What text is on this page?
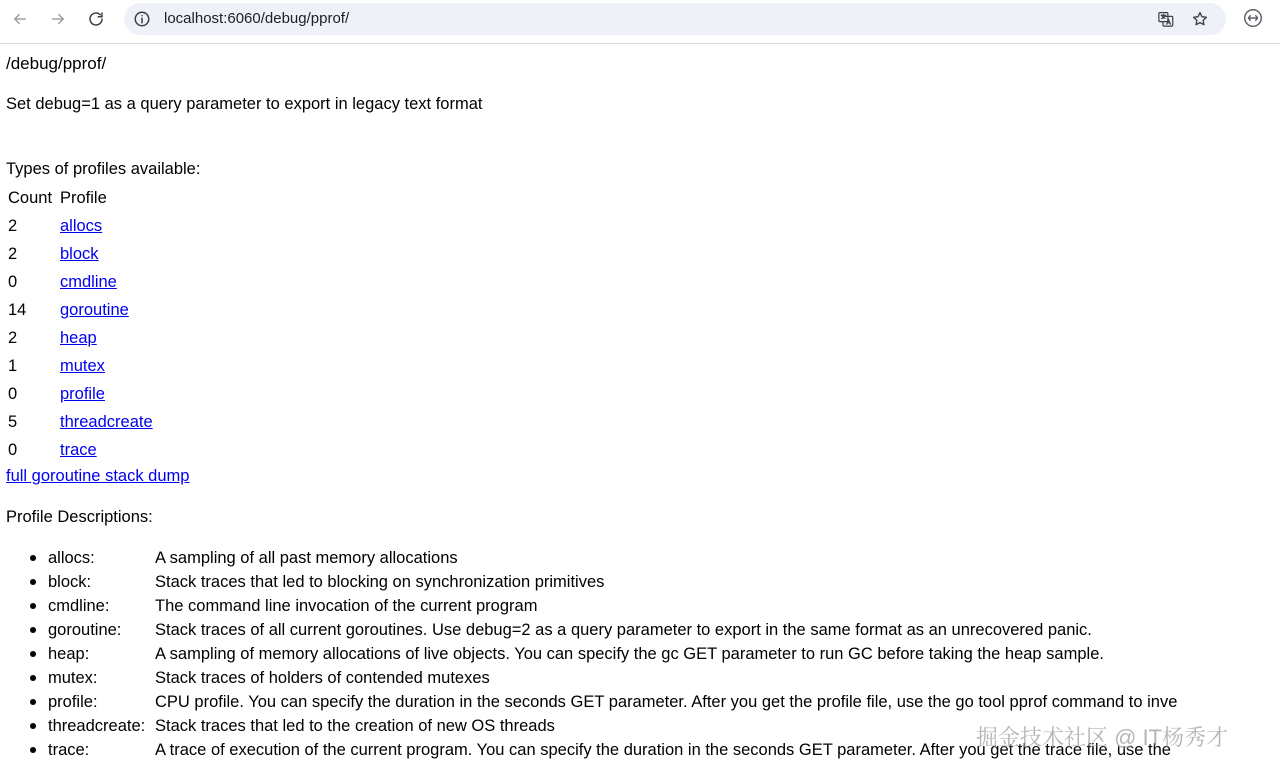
localhost:6060/debug/pprof/
/debug/pprof/
Set debug=1 as a query parameter to export in legacy text format
Types of profiles available:
Count	Profile
2	allocs
2	block
0	cmdline
14	goroutine
2	heap
1	mutex
0	profile
5	threadcreate
0	trace
full goroutine stack dump
Profile Descriptions:
allocs:	A sampling of all past memory allocations
block:	Stack traces that led to blocking on synchronization primitives
cmdline:	The command line invocation of the current program
goroutine: Stack traces of all current goroutines. Use debug=2 as a query parameter to export in the same format as an unrecovered panic.
heap:	A sampling of memory allocations of live objects. You can specify the gc GET parameter to run GC before taking the heap sample.
mutex:	Stack traces of holders of contended mutexes
profile:	CPU profile. You can specify the duration in the seconds GET parameter. After you get the profile file, use the go tool pprof command to inve
threadcreate: Stack traces that led to the creation of new OS threads
trace:	A trace of execution of the current program. You can specify the duration in the seconds GET parameter. After you get the trace file, use the
掘金技术社区 @ IT杨秀才
